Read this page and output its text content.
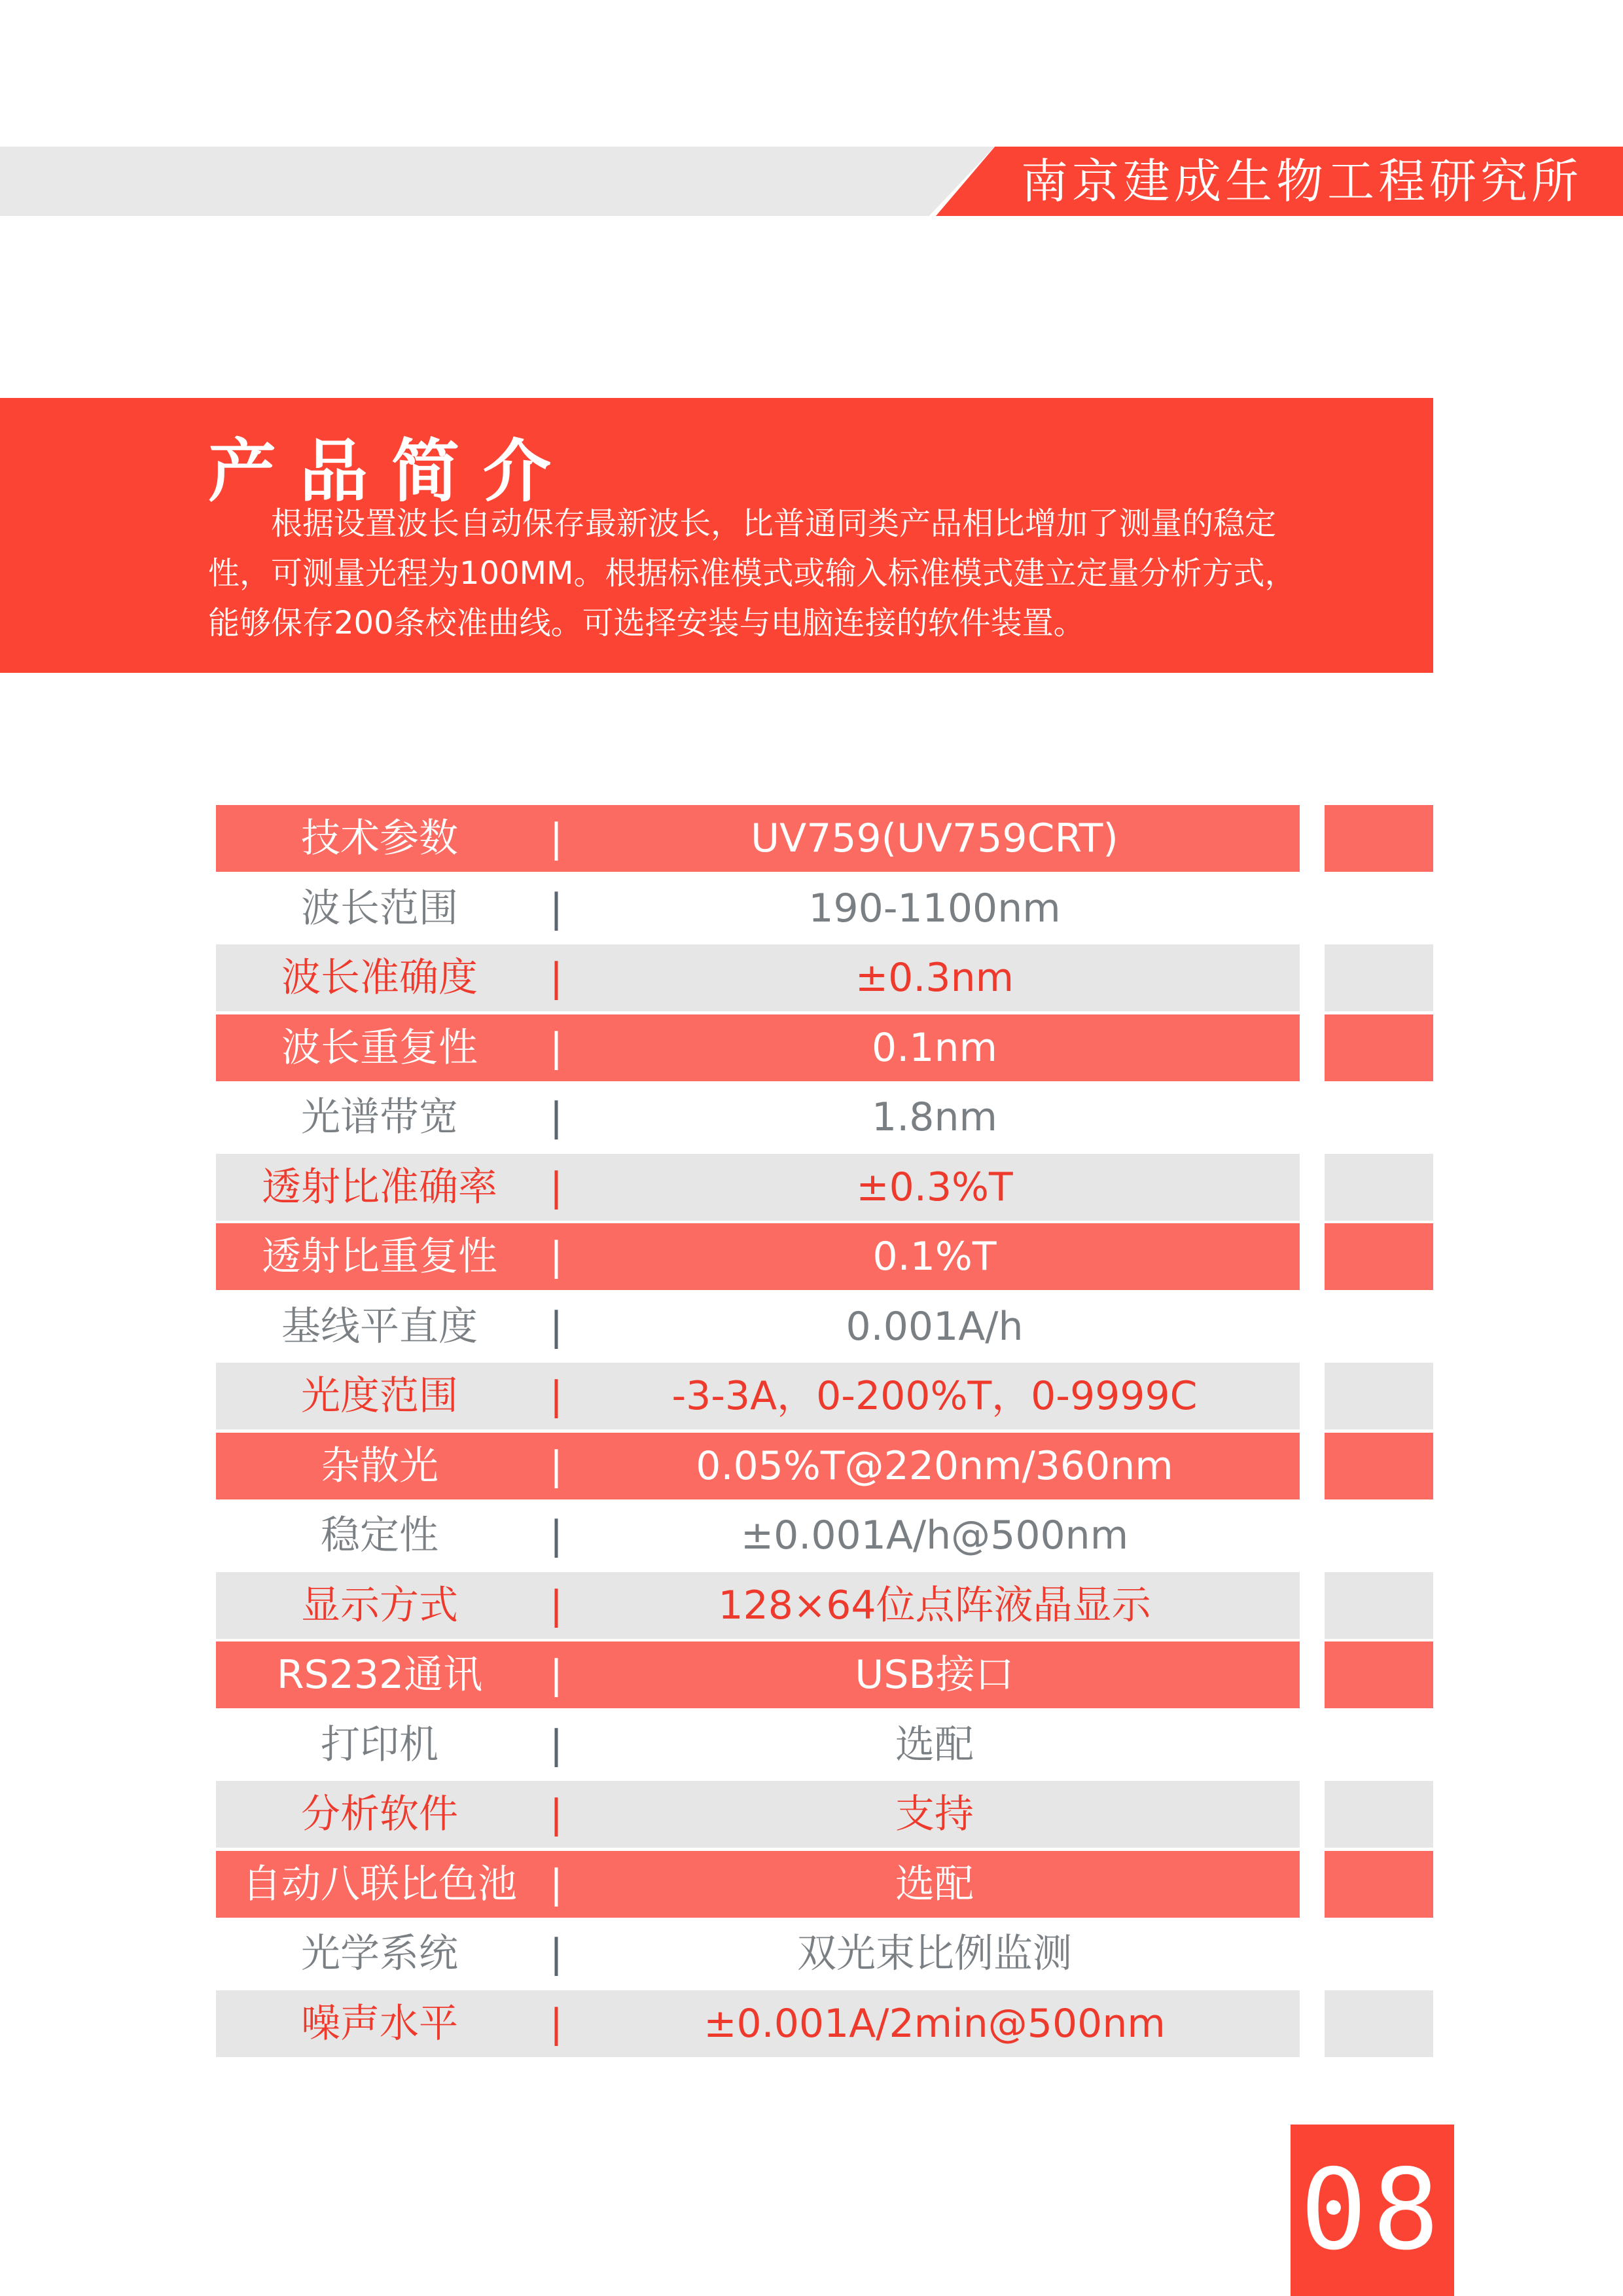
南京建成生物工程研究所
产品简介
根据设置波长自动保存最新波长，比普通同类产品相比增加了测量的稳定性，可测量光程为100MM。根据标准模式或输入标准模式建立定量分析方式，能够保存200条校准曲线。可选择安装与电脑连接的软件装置。
技术参数	|	UV759(UV759CRT)
波长范围	|	190-1100nm
波长准确度	|	±0.3nm
波长重复性	|	0.1nm
光谱带宽	|	1.8nm
透射比准确率	|	±0.3%T
透射比重复性	|	0.1%T
基线平直度	|	0.001A/h
光度范围	|	-3-3A，0-200%T，0-9999C
杂散光	|	0.05%T@220nm/360nm
稳定性	|	±0.001A/h@500nm
显示方式	|	128×64位点阵液晶显示
RS232通讯	|	USB接口
打印机	|	选配
分析软件	|	支持
自动八联比色池 |	选配
光学系统	|	双光束比例监测
噪声水平	|	±0.001A/2min@500nm
08
